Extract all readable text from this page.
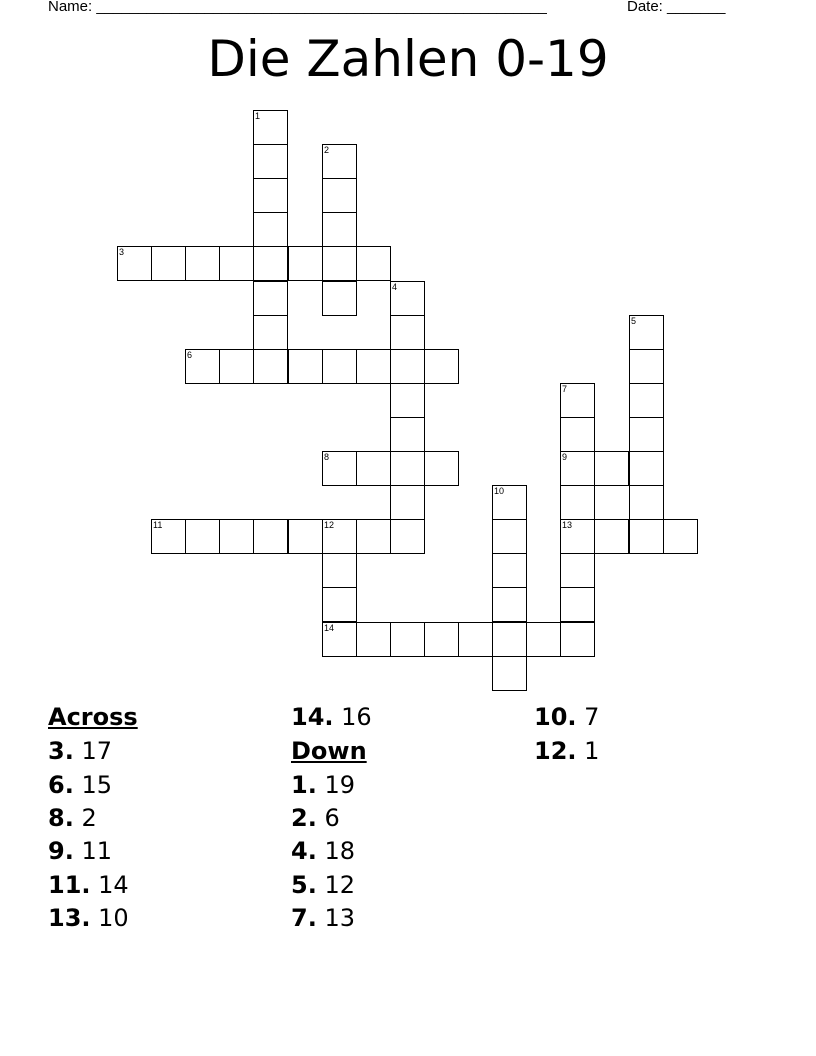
Name: ______________________________________________________	Date: _______
Die Zahlen 0-19
3
6
8	9
11	12	13
14
1
2
4
5
7
10
Across
3. 17
6. 15
8. 2
9. 11
11. 14
13. 10
14. 16
Down
1. 19
2. 6
4. 18
5. 12
7. 13
10. 7
12. 1
